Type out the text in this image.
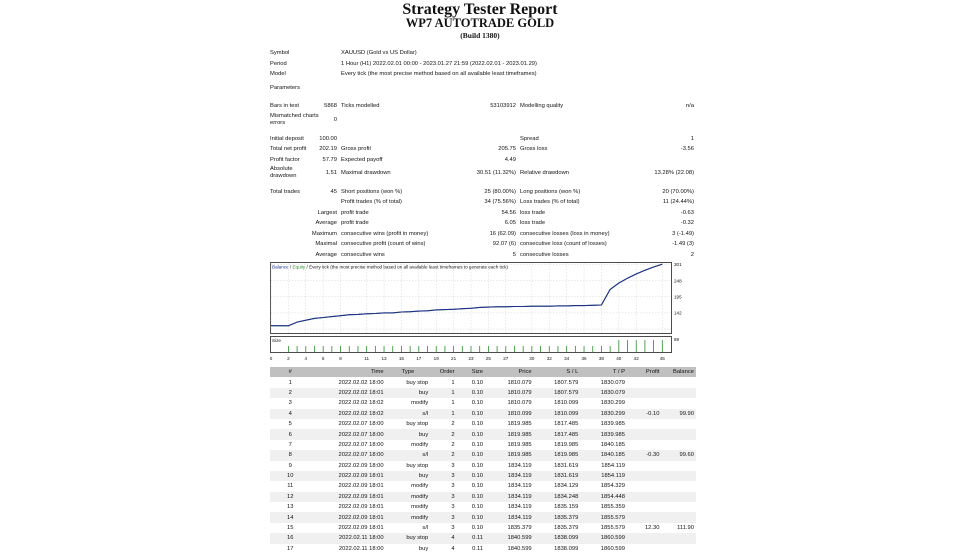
Strategy Tester Report
WP7 AUTOTRADE GOLD
(Build 1380)
Symbol	XAUUSD (Gold vs US Dollar)
Period	1 Hour (H1) 2022.02.01 00:00 - 2023.01.27 21:59 (2022.02.01 - 2023.01.29)
Model	Every tick (the most precise method based on all available least timeframes)
Parameters
Bars in test	5868 Ticks modelled	53103912 Modelling quality	n/a
Mismatched charts errors	0
Initial deposit	100.00	Spread	1
Total net profit	202.19 Gross profit	205.75 Gross loss	-3.56
Profit factor	57.79 Expected payoff	4.49
Absolute drawdown	1.51 Maximal drawdown	30.51 (11.32%) Relative drawdown	13.28% (22.08)
Total trades	45 Short positions (won %)	25 (80.00%) Long positions (won %)	20 (70.00%)
Profit trades (% of total)	34 (75.56%) Loss trades (% of total)	11 (24.44%)
Largest profit trade	54.56 loss trade	-0.63
Average profit trade	6.05 loss trade	-0.32
Maximum consecutive wins (profit in money)	16 (62.09) consecutive losses (loss in money)	3 (-1.49)
Maximal consecutive profit (count of wins)	92.07 (6) consecutive loss (count of losses)	-1.49 (3)
Average consecutive wins	5 consecutive losses	2
Balance / Equity / Every tick (the most precise method based on all available least timeframes to generate each tick)
Size
301
248
195
142
89
0	2	4	6	8	11	13	15	17	19	21	23	25	27	30	32	34	36	38	40	42	45
#	Time	Type	Order	Size	Price	S / L	T / P	Profit	Balance
1	2022.02.02 18:00	buy stop	1	0.10	1810.079	1807.579	1830.079		
2	2022.02.02 18:01	buy	1	0.10	1810.079	1807.579	1830.079		
3	2022.02.02 18:02	modify	1	0.10	1810.079	1810.099	1830.299		
4	2022.02.02 18:02	s/l	1	0.10	1810.099	1810.099	1830.299	-0.10	99.90
5	2022.02.07 18:00	buy stop	2	0.10	1819.985	1817.485	1839.985		
6	2022.02.07 18:00	buy	2	0.10	1819.985	1817.485	1839.985		
7	2022.02.07 18:00	modify	2	0.10	1819.985	1819.985	1840.185		
8	2022.02.07 18:00	s/l	2	0.10	1819.985	1819.985	1840.185	-0.30	99.60
9	2022.02.09 18:00	buy stop	3	0.10	1834.119	1831.619	1854.119		
10	2022.02.09 18:01	buy	3	0.10	1834.119	1831.619	1854.119		
11	2022.02.09 18:01	modify	3	0.10	1834.119	1834.129	1854.329		
12	2022.02.09 18:01	modify	3	0.10	1834.119	1834.248	1854.448		
13	2022.02.09 18:01	modify	3	0.10	1834.119	1835.159	1855.359		
14	2022.02.09 18:01	modify	3	0.10	1834.119	1835.379	1855.579		
15	2022.02.09 18:01	s/l	3	0.10	1835.379	1835.379	1855.579	12.30	111.90
16	2022.02.11 18:00	buy stop	4	0.11	1840.599	1838.099	1860.599		
17	2022.02.11 18:00	buy	4	0.11	1840.599	1838.099	1860.599		
